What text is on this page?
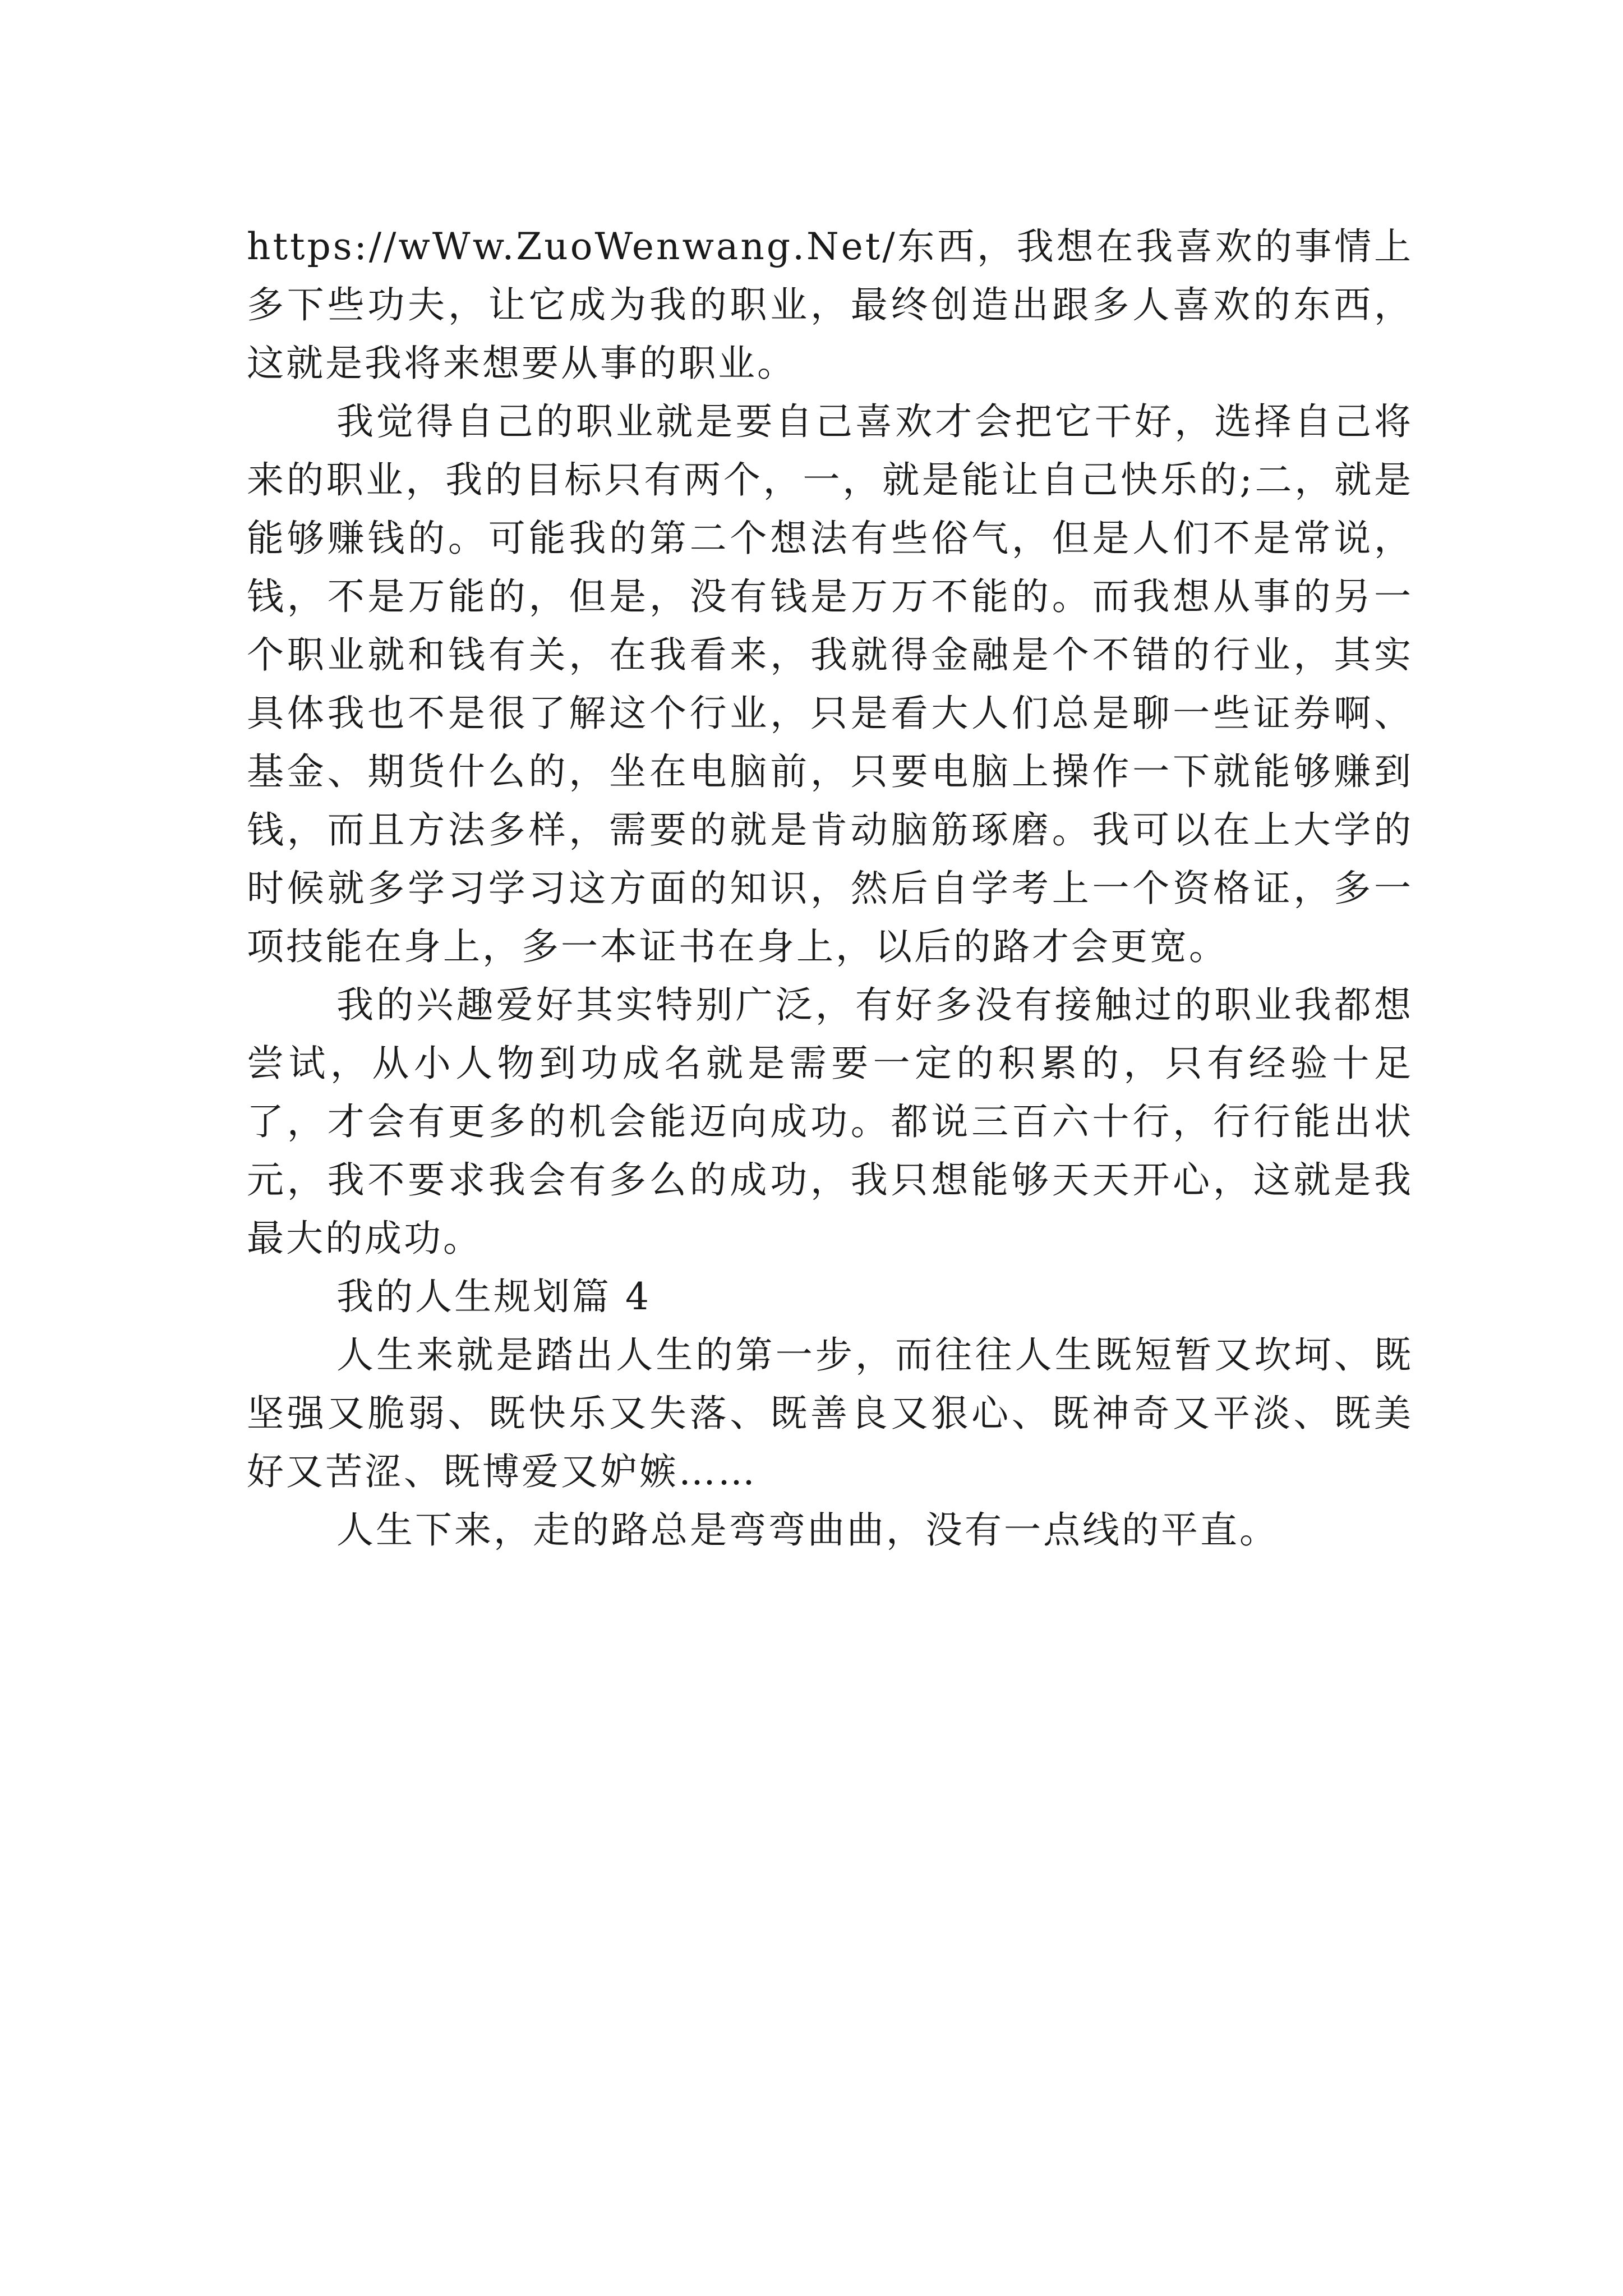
https://wWw.ZuoWenwang.Net/东西，我想在我喜欢的事情上多下些功夫，让它成为我的职业，最终创造出跟多人喜欢的东西，这就是我将来想要从事的职业。

我觉得自己的职业就是要自己喜欢才会把它干好，选择自己将来的职业，我的目标只有两个，一，就是能让自己快乐的;二，就是能够赚钱的。可能我的第二个想法有些俗气，但是人们不是常说，钱，不是万能的，但是，没有钱是万万不能的。而我想从事的另一个职业就和钱有关，在我看来，我就得金融是个不错的行业，其实具体我也不是很了解这个行业，只是看大人们总是聊一些证券啊、基金、期货什么的，坐在电脑前，只要电脑上操作一下就能够赚到钱，而且方法多样，需要的就是肯动脑筋琢磨。我可以在上大学的时候就多学习学习这方面的知识，然后自学考上一个资格证，多一项技能在身上，多一本证书在身上，以后的路才会更宽。

我的兴趣爱好其实特别广泛，有好多没有接触过的职业我都想尝试，从小人物到功成名就是需要一定的积累的，只有经验十足了，才会有更多的机会能迈向成功。都说三百六十行，行行能出状元，我不要求我会有多么的成功，我只想能够天天开心，这就是我最大的成功。

我的人生规划篇 4

人生来就是踏出人生的第一步，而往往人生既短暂又坎坷、既坚强又脆弱、既快乐又失落、既善良又狠心、既神奇又平淡、既美好又苦涩、既博爱又妒嫉……

人生下来，走的路总是弯弯曲曲，没有一点线的平直。
